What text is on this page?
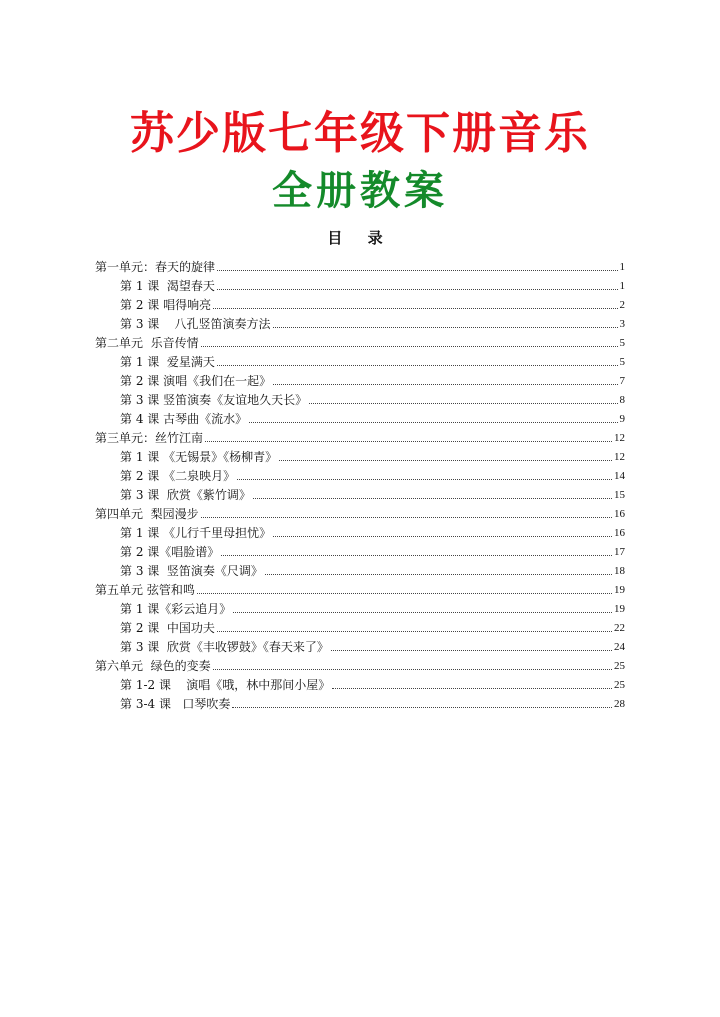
苏少版七年级下册音乐
全册教案
目 录
第一单元：春天的旋律	1
第 1 课  渴望春天	1
第 2 课 唱得响亮	2
第 3 课    八孔竖笛演奏方法	3
第二单元  乐音传情	5
第 1 课  爱星满天	5
第 2 课 演唱《我们在一起》	7
第 3 课 竖笛演奏《友谊地久天长》	8
第 4 课 古琴曲《流水》	9
第三单元：丝竹江南	12
第 1 课 《无锡景》《杨柳青》	12
第 2 课 《二泉映月》	14
第 3 课  欣赏《紫竹调》	15
第四单元  梨园漫步	16
第 1 课 《儿行千里母担忧》	16
第 2 课《唱脸谱》	17
第 3 课  竖笛演奏《尺调》	18
第五单元 弦管和鸣	19
第 1 课《彩云追月》	19
第 2 课  中国功夫	22
第 3 课  欣赏《丰收锣鼓》《春天来了》	24
第六单元  绿色的变奏	25
第 1-2 课    演唱《哦，林中那间小屋》	25
第 3-4 课   口琴吹奏	28
